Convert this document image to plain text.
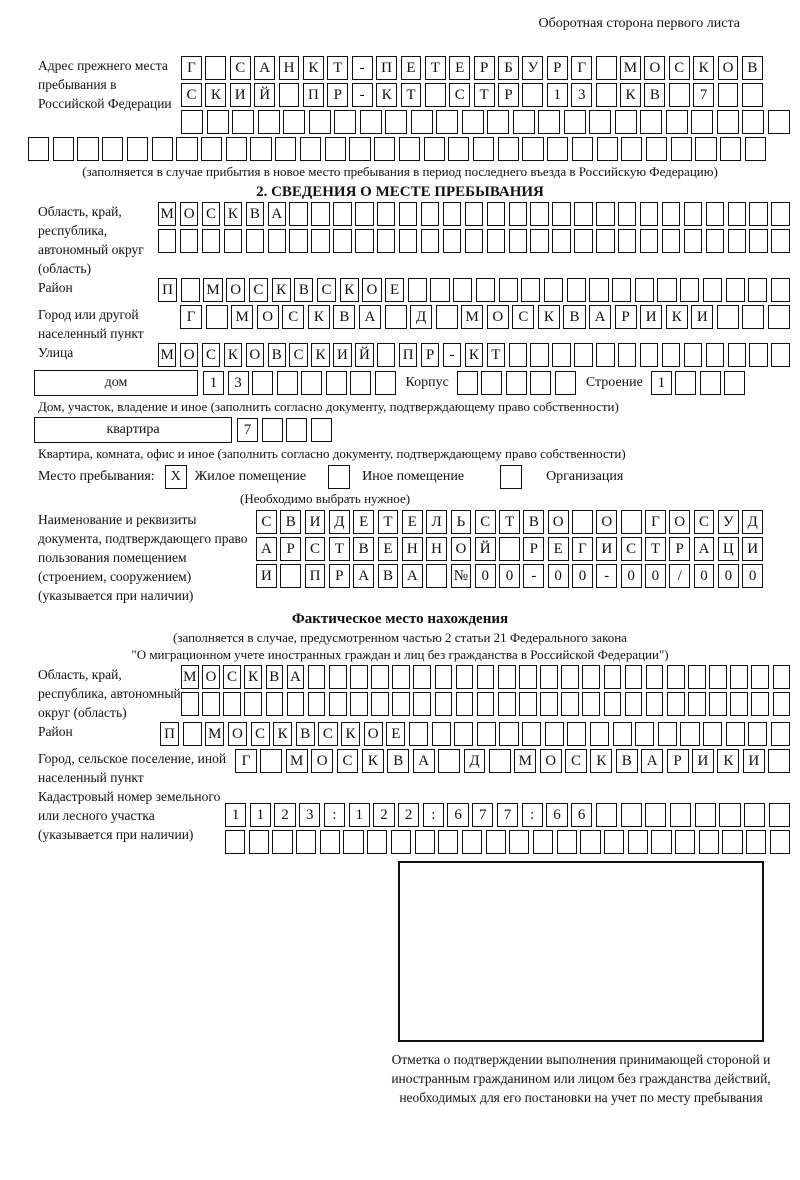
Оборотная сторона первого листа
Адрес прежнего места пребывания в Российской Федерации
Г	С А Н К Т	-	П Е	Т	Е	Р	Б У Р	Г	М О С К О В
С К И Й	П Р	-	К Т	С Т	Р	1	3	К В	7
(заполняется в случае прибытия в новое место пребывания в период последнего въезда в Российскую Федерацию)
2. СВЕДЕНИЯ О МЕСТЕ ПРЕБЫВАНИЯ
Область, край, республика, автономный округ (область)
М О С К В А
Район	П М О С К В С К О Е
Город или другой населенный пункт
Г	М О	С	К	В	А	Д	М О	С	К	В	А	Р	И	К	И
Улица	М О С К О В С К И Й П Р	- К Т
дом	1	3	Корпус	Строение 1
Дом, участок, владение и иное (заполнить согласно документу, подтверждающему право собственности)
квартира	7
Квартира, комната, офис и иное (заполнить согласно документу, подтверждающему право собственности)
Место пребывания:	X Жилое помещение	Иное помещение	Организация
(Необходимо выбрать нужное)
Наименование и реквизиты документа, подтверждающего право пользования помещением (строением, сооружением) (указывается при наличии)
С В И Д Е	Т	Е Л Ь С Т В О	О	Г О С У Д
А Р	С Т В Е Н Н О Й	Р	Е	Г И С Т	Р А Ц И
И	П Р А В А	№ 0	0	-	0	0	-	0	0	/	0	0	0
Фактическое место нахождения
(заполняется в случае, предусмотренном частью 2 статьи 21 Федерального закона
"О миграционном учете иностранных граждан и лиц без гражданства в Российской Федерации")
Область, край, республика, автономный округ (область)
М О С К В А
Район	П М О С К В С К О Е
Город, сельское поселение, иной населенный пункт
Г	М О С	К	В А	Д	М О С	К	В А	Р	И К И
Кадастровый номер земельного или лесного участка (указывается при наличии)
1	1	2	3	:	1	2	2	:	6	7	7	:	6	6
Отметка о подтверждении выполнения принимающей стороной и иностранным гражданином или лицом без гражданства действий, необходимых для его постановки на учет по месту пребывания
